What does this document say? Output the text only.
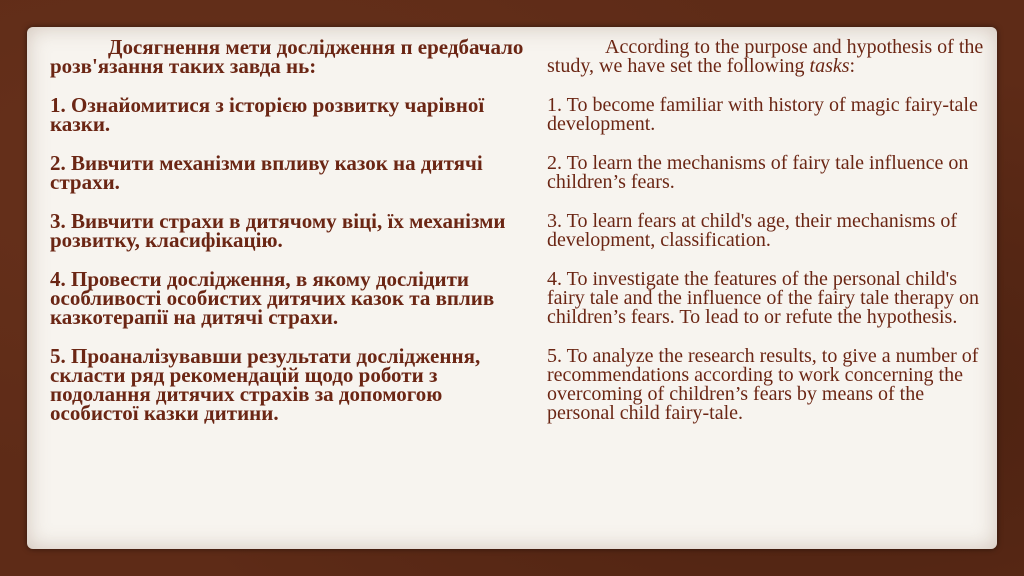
Досягнення мети дослідження п ередбачало розв'язання таких завда нь:

1. Ознайомитися з історією розвитку чарівної казки.

2. Вивчити механізми впливу казок на дитячі страхи.

3. Вивчити страхи в дитячому віці, їх механізми розвитку, класифікацію.

4. Провести дослідження, в якому дослідити особливості особистих дитячих казок та вплив казкотерапії на дитячі страхи.

5. Проаналізувавши результати дослідження, скласти ряд рекомендацій щодо роботи з подолання дитячих страхів за допомогою особистої казки дитини.

According to the purpose and hypothesis of the study, we have set the following tasks:

1. To become familiar with history of magic fairy-tale development.

2. To learn the mechanisms of fairy tale influence on children’s fears.

3. To learn fears at child's age, their mechanisms of development, classification.

4. To investigate the features of the personal child's fairy tale and the influence of the fairy tale therapy on children’s fears. To lead to or refute the hypothesis.

5. To analyze the research results, to give a number of recommendations according to work concerning the overcoming of children’s fears by means of the personal child fairy-tale.
